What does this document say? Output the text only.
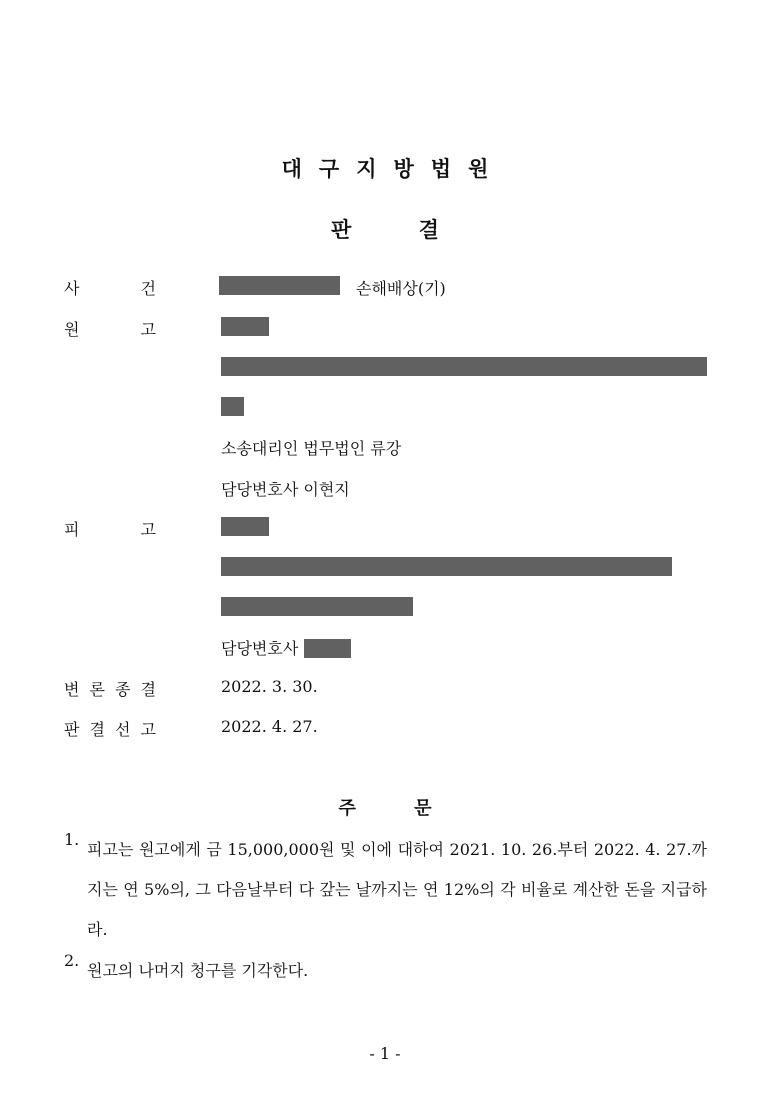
대구지방법원
판 결
사	건	손해배상(기)
원	고
소송대리인 법무법인 류강
담당변호사 이현지
피	고
담당변호사
변 론 종 결	2022. 3. 30.
판 결 선 고	2022. 4. 27.
주 문
1.
피고는 원고에게 금 15,000,000원 및 이에 대하여 2021. 10. 26.부터 2022. 4. 27.까지는 연 5%의, 그 다음날부터 다 갚는 날까지는 연 12%의 각 비율로 계산한 돈을 지급하라.
2.
원고의 나머지 청구를 기각한다.
- 1 -
